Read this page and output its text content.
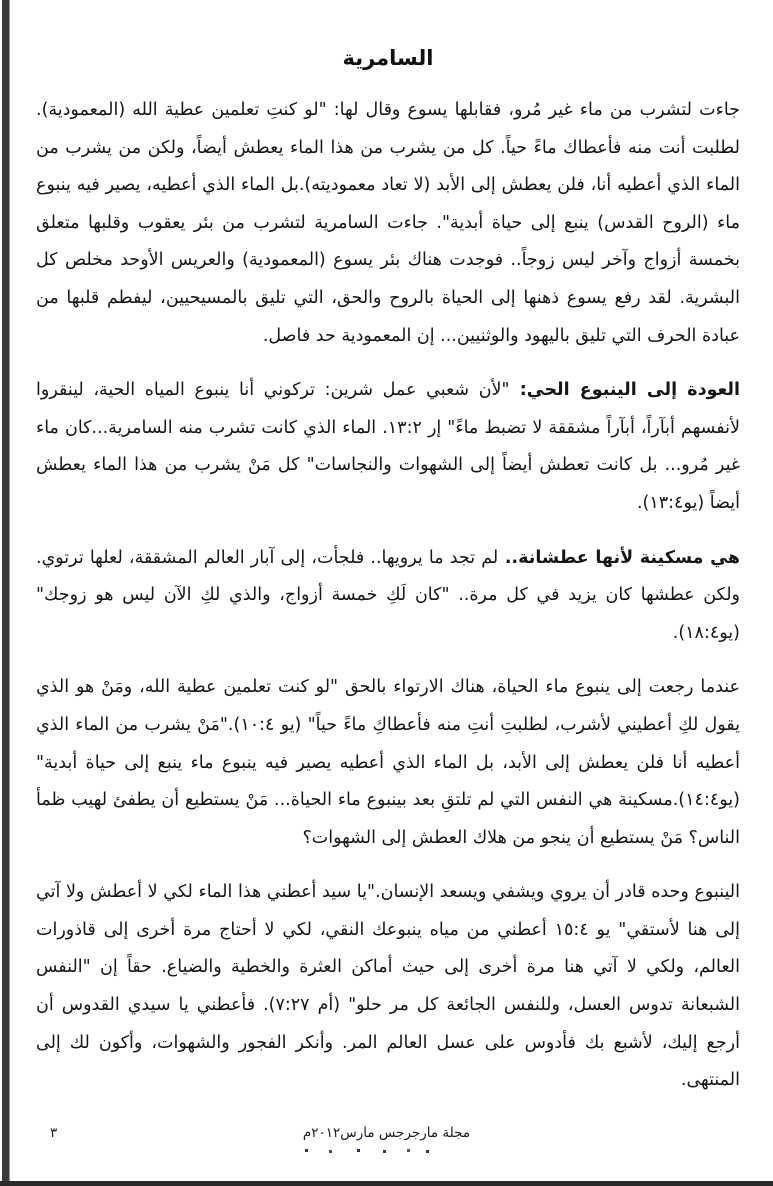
السامرية

جاءت لتشرب من ماء غير مُرو، فقابلها يسوع وقال لها: "لو كنتِ تعلمين عطية الله (المعمودية). لطلبت أنت منه فأعطاك ماءً حياً. كل من يشرب من هذا الماء يعطش أيضاً، ولكن من يشرب من الماء الذي أعطيه أنا، فلن يعطش إلى الأبد (لا تعاد معموديته).بل الماء الذي أعطيه، يصير فيه ينبوع ماء (الروح القدس) ينبع إلى حياة أبدية". جاءت السامرية لتشرب من بئر يعقوب وقلبها متعلق بخمسة أزواج وآخر ليس زوجاً.. فوجدت هناك بئر يسوع (المعمودية) والعريس الأوحد مخلص كل البشرية. لقد رفع يسوع ذهنها إلى الحياة بالروح والحق، التي تليق بالمسيحيين، ليفطم قلبها من عبادة الحرف التي تليق باليهود والوثنيين... إن المعمودية حد فاصل.

العودة إلى الينبوع الحي: "لأن شعبي عمل شرين: تركوني أنا ينبوع المياه الحية، لينقروا لأنفسهم أبآراً، أبآراً مشققة لا تضبط ماءً" إر ١٣:٢. الماء الذي كانت تشرب منه السامرية...كان ماء غير مُرو... بل كانت تعطش أيضاً إلى الشهوات والنجاسات" كل مَنْ يشرب من هذا الماء يعطش أيضاً (يو١٣:٤).

هي مسكينة لأنها عطشانة.. لم تجد ما يرويها.. فلجأت، إلى آبار العالم المشققة، لعلها ترتوي. ولكن عطشها كان يزيد في كل مرة.. "كان لَكِ خمسة أزواج، والذي لكِ الآن ليس هو زوجك" (يو١٨:٤).

عندما رجعت إلى ينبوع ماء الحياة، هناك الارتواء بالحق "لو كنت تعلمين عطية الله، ومَنْ هو الذي يقول لكِ أعطيني لأشرب، لطلبتِ أنتِ منه فأعطاكِ ماءً حياً" (يو ١٠:٤)."مَنْ يشرب من الماء الذي أعطيه أنا فلن يعطش إلى الأبد، بل الماء الذي أعطيه يصير فيه ينبوع ماء ينبع إلى حياة أبدية" (يو١٤:٤).مسكينة هي النفس التي لم تلتقِ بعد بينبوع ماء الحياة... مَنْ يستطيع أن يطفئ لهيب ظمأ الناس؟ مَنْ يستطيع أن ينجو من هلاك العطش إلى الشهوات؟

الينبوع وحده قادر أن يروي ويشفي ويسعد الإنسان."يا سيد أعطني هذا الماء لكي لا أعطش ولا آتي إلى هنا لأستقي" يو ١٥:٤ أعطني من مياه ينبوعك النقي، لكي لا أحتاج مرة أخرى إلى قاذورات العالم، ولكي لا آتي هنا مرة أخرى إلى حيث أماكن العثرة والخطية والضياع. حقاً إن "النفس الشبعانة تدوس العسل، وللنفس الجائعة كل مر حلو" (أم ٧:٢٧). فأعطني يا سيدي القدوس أن أرجع إليك، لأشبع بك فأدوس على عسل العالم المر. وأنكر الفجور والشهوات، وأكون لك إلى المنتهى.

مجلة مارجرجس مارس٢٠١٢م
٣
